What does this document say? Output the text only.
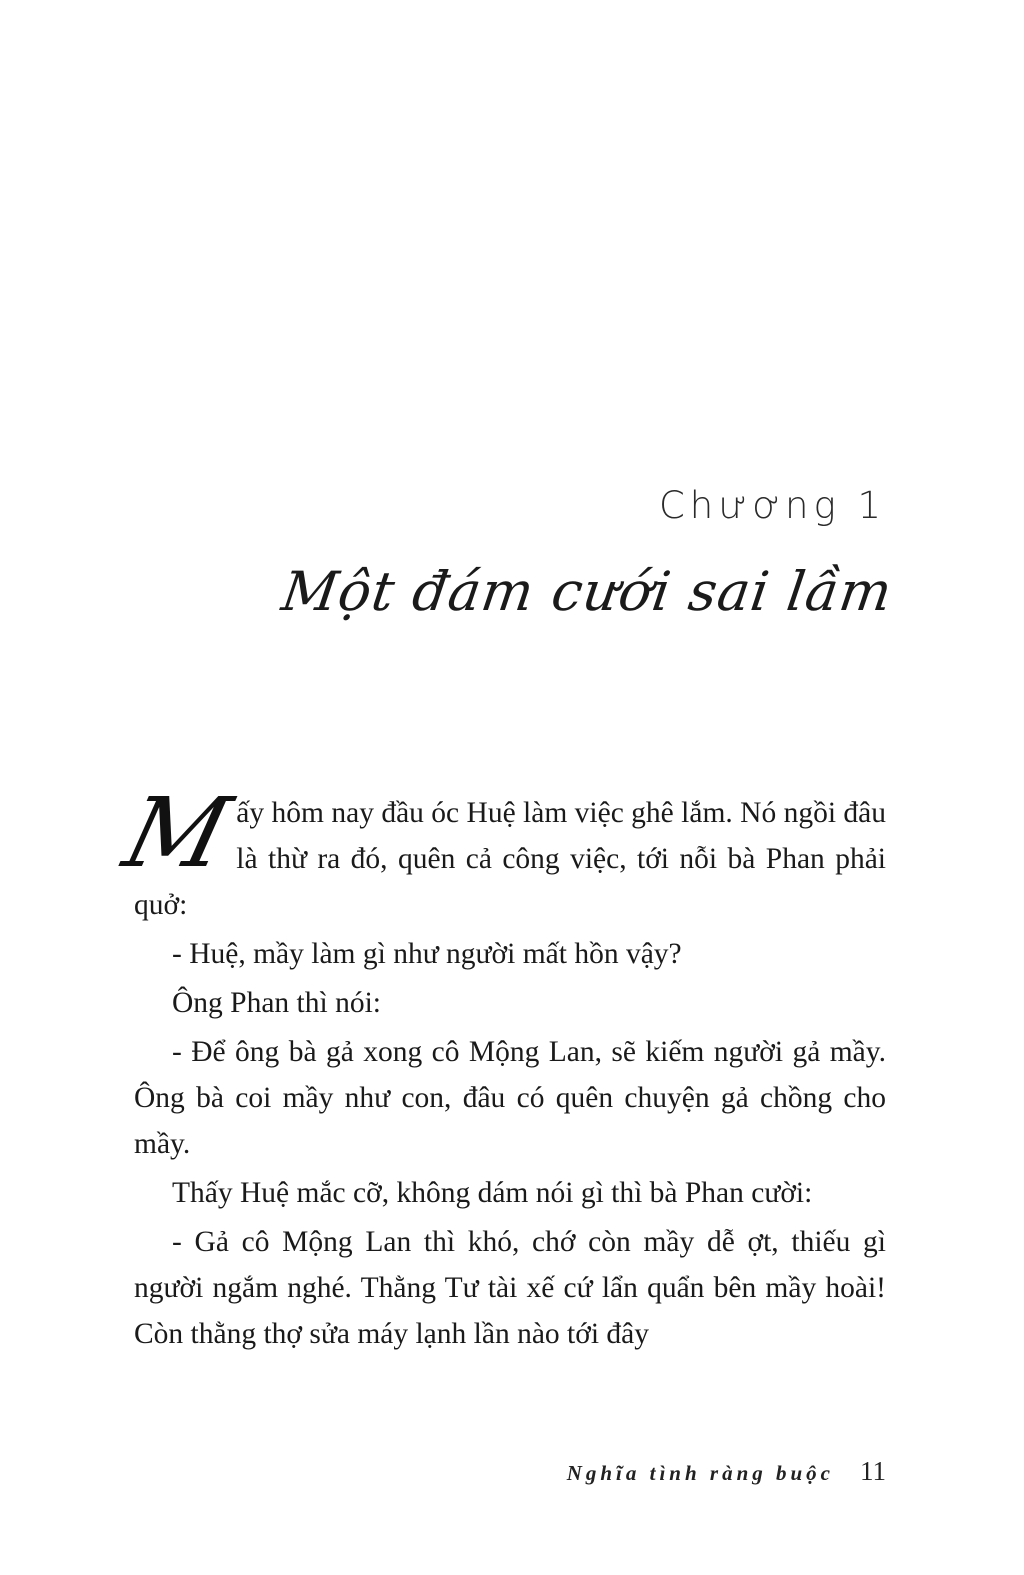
Chương 1
Một đám cưới sai lầm

M
ấy hôm nay đầu óc Huệ làm việc ghê lắm. Nó ngồi đâu là thừ ra đó, quên cả công việc, tới nỗi bà Phan phải quở:

- Huệ, mầy làm gì như người mất hồn vậy?

Ông Phan thì nói:

- Để ông bà gả xong cô Mộng Lan, sẽ kiếm người gả mầy. Ông bà coi mầy như con, đâu có quên chuyện gả chồng cho mầy.

Thấy Huệ mắc cỡ, không dám nói gì thì bà Phan cười:

- Gả cô Mộng Lan thì khó, chớ còn mầy dễ ợt, thiếu gì người ngắm nghé. Thằng Tư tài xế cứ lẩn quẩn bên mầy hoài! Còn thằng thợ sửa máy lạnh lần nào tới đây

Nghĩa tình ràng buộc 11
